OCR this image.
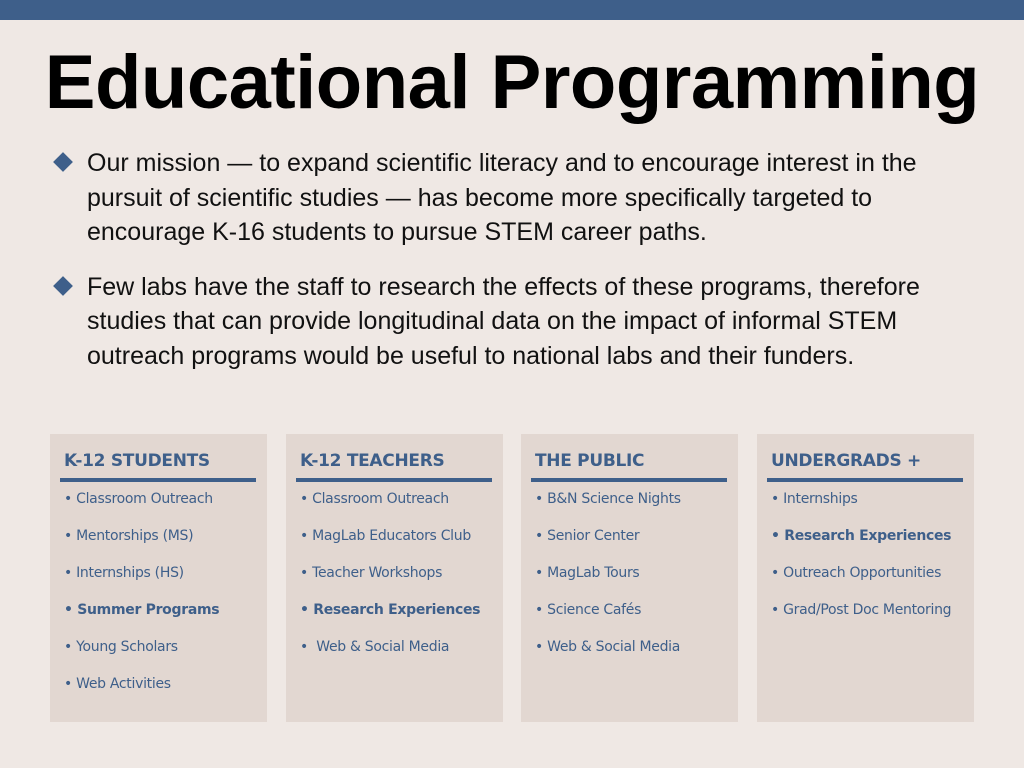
Educational Programming
Our mission — to expand scientific literacy and to encourage interest in the pursuit of scientific studies — has become more specifically targeted to encourage K-16 students to pursue STEM career paths.
Few labs have the staff to research the effects of these programs, therefore studies that can provide longitudinal data on the impact of informal STEM outreach programs would be useful to national labs and their funders.
K-12 STUDENTS
• Classroom Outreach
• Mentorships (MS)
• Internships (HS)
• Summer Programs
• Young Scholars
• Web Activities
K-12 TEACHERS
• Classroom Outreach
• MagLab Educators Club
• Teacher Workshops
• Research Experiences
•  Web & Social Media
THE PUBLIC
• B&N Science Nights
• Senior Center
• MagLab Tours
• Science Cafés
• Web & Social Media
UNDERGRADS +
• Internships
• Research Experiences
• Outreach Opportunities
• Grad/Post Doc Mentoring
